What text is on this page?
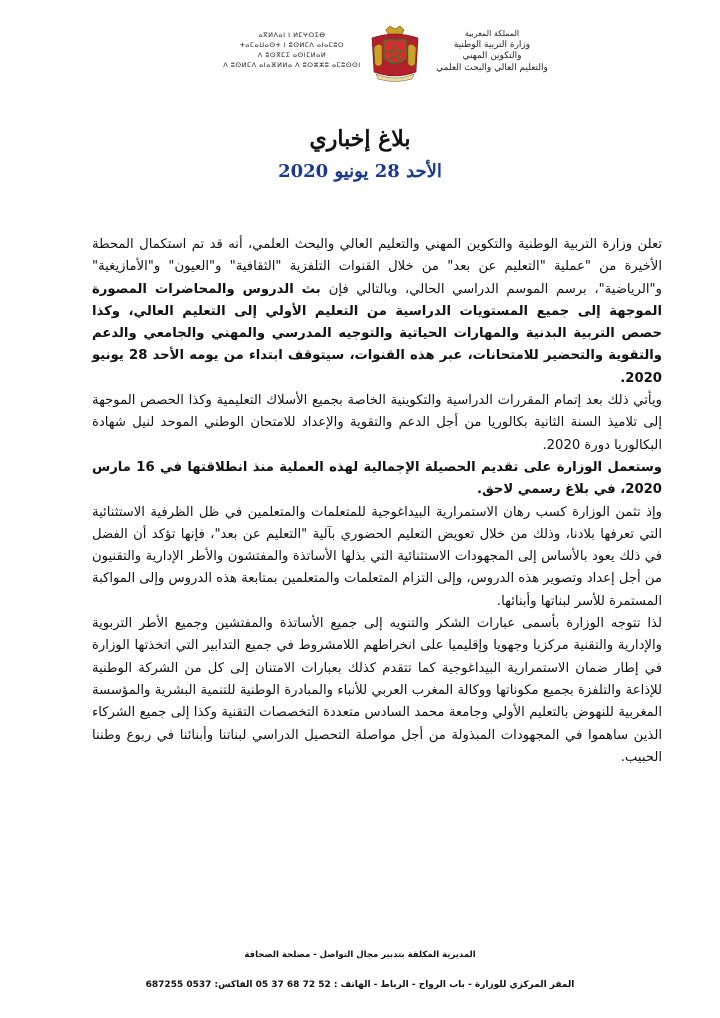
ⴰⴳⵍⴷⴰⵏ ⵏ ⵍⵎⵖⵔⵉⴱ
ⵜⴰⵎⴰⵡⴰⵙⵜ ⵏ ⵓⵙⵍⵎⴷ ⴰⵏⴰⵎⵓⵔ
ⴷ ⵓⵙⴳⵎⵉ ⴰⵙⵏⵎⵍⴰⵍ
ⴷ ⵓⵙⵍⵎⴷ ⴰⵏⴰⴼⵍⵍⴰ ⴷ ⵓⵔⵣⵣⵓ ⴰⵎⵓⵙⵙⵏ
المملكة المغربية
وزارة التربية الوطنية
والتكوين المهني
والتعليم العالي والبحث العلمي
بلاغ إخباري
الأحد 28 يونيو 2020

تعلن وزارة التربية الوطنية والتكوين المهني والتعليم العالي والبحث العلمي، أنه قد تم استكمال المحطة الأخيرة من "عملية "التعليم عن بعد" من خلال القنوات التلفزية "الثقافية" و"العيون" و"الأمازيغية" و"الرياضية"، برسم الموسم الدراسي الحالي، وبالتالي فإن بث الدروس والمحاضرات المصورة الموجهة إلى جميع المستويات الدراسية من التعليم الأولي إلى التعليم العالي، وكذا حصص التربية البدنية والمهارات الحياتية والتوجيه المدرسي والمهني والجامعي والدعم والتقوية والتحضير للامتحانات، عبر هذه القنوات، سيتوقف ابتداء من يومه الأحد 28 يونيو 2020.

ويأتي ذلك بعد إتمام المقررات الدراسية والتكوينية الخاصة بجميع الأسلاك التعليمية وكذا الحصص الموجهة إلى تلاميذ السنة الثانية بكالوريا من أجل الدعم والتقوية والإعداد للامتحان الوطني الموحد لنيل شهادة البكالوريا دورة 2020.

وستعمل الوزارة على تقديم الحصيلة الإجمالية لهذه العملية منذ انطلاقتها في 16 مارس 2020، في بلاغ رسمي لاحق.

وإذ تثمن الوزارة كسب رهان الاستمرارية البيداغوجية للمتعلمات والمتعلمين في ظل الظرفية الاستثنائية التي تعرفها بلادنا، وذلك من خلال تعويض التعليم الحضوري بآلية "التعليم عن بعد"، فإنها تؤكد أن الفضل في ذلك يعود بالأساس إلى المجهودات الاستثنائية التي بذلها الأساتذة والمفتشون والأطر الإدارية والتقنيون من أجل إعداد وتصوير هذه الدروس، وإلى التزام المتعلمات والمتعلمين بمتابعة هذه الدروس وإلى المواكبة المستمرة للأسر لبناتها وأبنائها.

لذا تتوجه الوزارة بأسمى عبارات الشكر والتنويه إلى جميع الأساتذة والمفتشين وجميع الأطر التربوية والإدارية والتقنية مركزيا وجهويا وإقليميا على انخراطهم اللامشروط في جميع التدابير التي اتخذتها الوزارة في إطار ضمان الاستمرارية البيداغوجية كما تتقدم كذلك بعبارات الامتنان إلى كل من الشركة الوطنية للإذاعة والتلفزة بجميع مكوناتها ووكالة المغرب العربي للأنباء والمبادرة الوطنية للتنمية البشرية والمؤسسة المغربية للنهوض بالتعليم الأولي وجامعة محمد السادس متعددة التخصصات التقنية وكذا إلى جميع الشركاء الذين ساهموا في المجهودات المبذولة من أجل مواصلة التحصيل الدراسي لبناتنا وأبنائنا في ربوع وطننا الحبيب.

المديرية المكلفة بتدبير مجال التواصل - مصلحة الصحافة
المقر المركزي للوزارة - باب الرواح - الرباط - الهاتف : 52 72 68 37 05 الفاكس: 0537 687255
